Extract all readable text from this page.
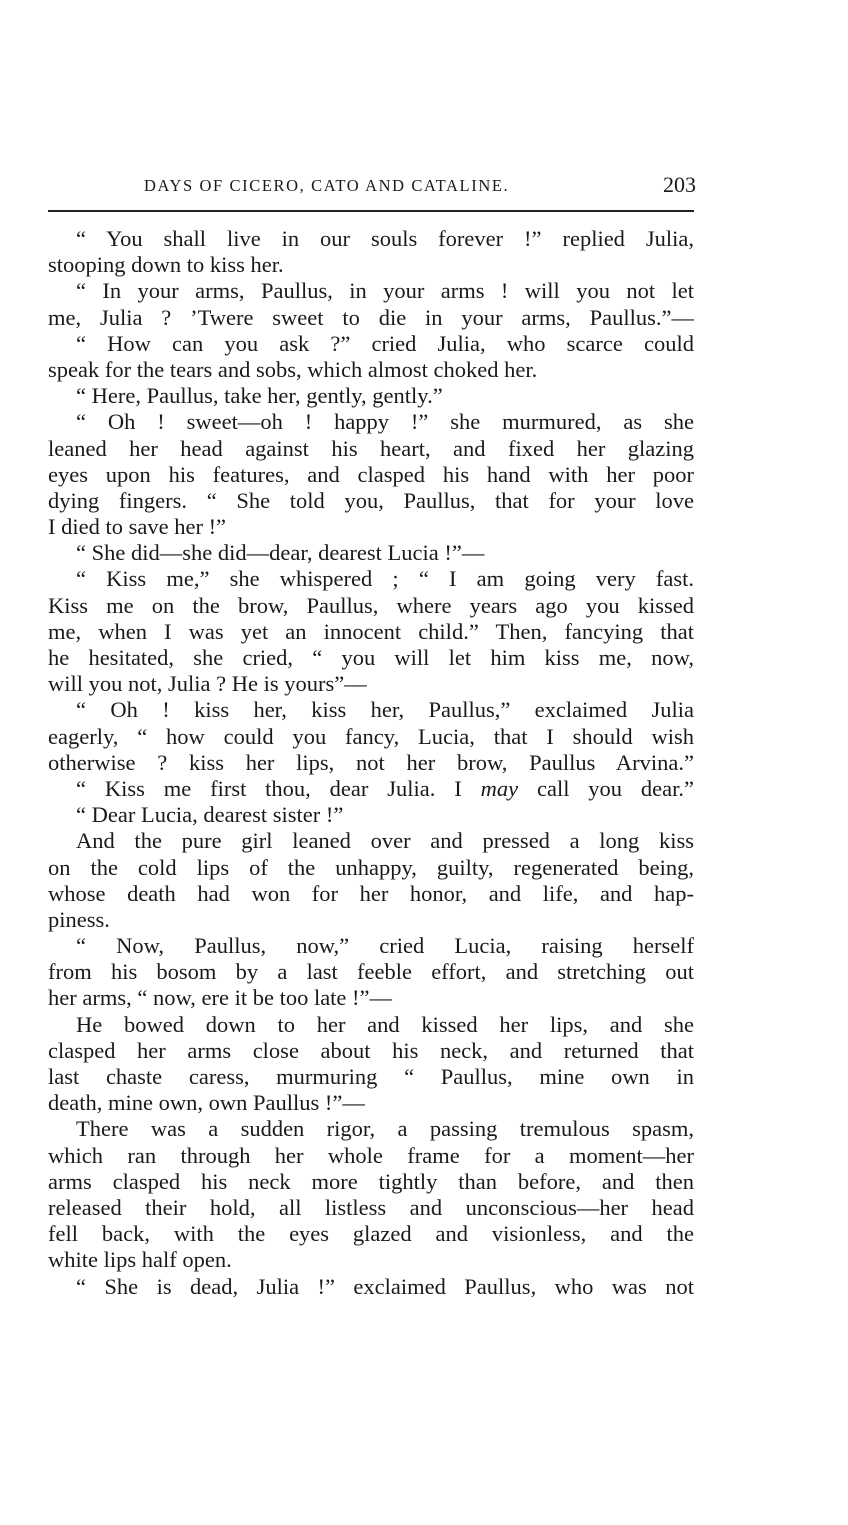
DAYS OF CICERO, CATO AND CATALINE.	203
“ You shall live in our souls forever !” replied Julia,
stooping down to kiss her.
“ In your arms, Paullus, in your arms ! will you not let
me, Julia ? ’Twere sweet to die in your arms, Paullus.”—
“ How can you ask ?” cried Julia, who scarce could
speak for the tears and sobs, which almost choked her.
“ Here, Paullus, take her, gently, gently.”
“ Oh ! sweet—oh ! happy !” she murmured, as she
leaned her head against his heart, and fixed her glazing
eyes upon his features, and clasped his hand with her poor
dying fingers. “ She told you, Paullus, that for your love
I died to save her !”
“ She did—she did—dear, dearest Lucia !”—
“ Kiss me,” she whispered ; “ I am going very fast.
Kiss me on the brow, Paullus, where years ago you kissed
me, when I was yet an innocent child.” Then, fancying that
he hesitated, she cried, “ you will let him kiss me, now,
will you not, Julia ? He is yours”—
“ Oh ! kiss her, kiss her, Paullus,” exclaimed Julia
eagerly, “ how could you fancy, Lucia, that I should wish
otherwise ? kiss her lips, not her brow, Paullus Arvina.”
“ Kiss me first thou, dear Julia. I may call you dear.”
“ Dear Lucia, dearest sister !”
And the pure girl leaned over and pressed a long kiss
on the cold lips of the unhappy, guilty, regenerated being,
whose death had won for her honor, and life, and hap-
piness.
“ Now, Paullus, now,” cried Lucia, raising herself
from his bosom by a last feeble effort, and stretching out
her arms, “ now, ere it be too late !”—
He bowed down to her and kissed her lips, and she
clasped her arms close about his neck, and returned that
last chaste caress, murmuring “ Paullus, mine own in
death, mine own, own Paullus !”—
There was a sudden rigor, a passing tremulous spasm,
which ran through her whole frame for a moment—her
arms clasped his neck more tightly than before, and then
released their hold, all listless and unconscious—her head
fell back, with the eyes glazed and visionless, and the
white lips half open.
“ She is dead, Julia !” exclaimed Paullus, who was not
